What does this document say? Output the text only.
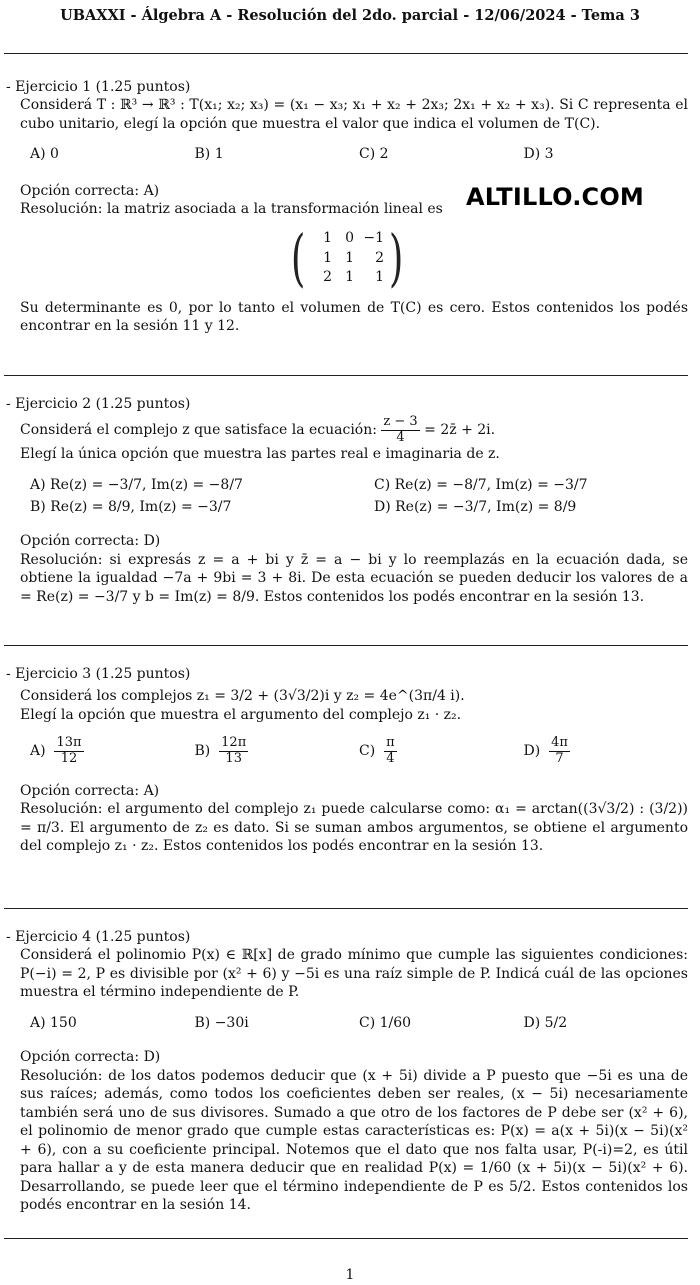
UBAXXI - Álgebra A - Resolución del 2do. parcial - 12/06/2024 - Tema 3
ALTILLO.COM

- Ejercicio 1 (1.25 puntos)

Considerá T : ℝ³ → ℝ³ : T(x₁; x₂; x₃) = (x₁ − x₃; x₁ + x₂ + 2x₃; 2x₁ + x₂ + x₃). Si C representa el cubo unitario, elegí la opción que muestra el valor que indica el volumen de T(C).

A) 0	B) 1	C) 2	D) 3

Opción correcta: A)

Resolución: la matriz asociada a la transformación lineal es

(	1 0 −1
1 1	2
2 1	1 )

Su determinante es 0, por lo tanto el volumen de T(C) es cero. Estos contenidos los podés encontrar en la sesión 11 y 12.

- Ejercicio 2 (1.25 puntos)

Considerá el complejo z que satisface la ecuación: $\frac{z - 3}{4}$ = 2z̄ + 2i.

Elegí la única opción que muestra las partes real e imaginaria de z.

A) Re(z) = −3/7, Im(z) = −8/7	C) Re(z) = −8/7, Im(z) = −3/7
B) Re(z) = 8/9, Im(z) = −3/7	D) Re(z) = −3/7, Im(z) = 8/9

Opción correcta: D)

Resolución: si expresás z = a + bi y z̄ = a − bi y lo reemplazás en la ecuación dada, se obtiene la igualdad −7a + 9bi = 3 + 8i. De esta ecuación se pueden deducir los valores de a = Re(z) = −3/7 y b = Im(z) = 8/9. Estos contenidos los podés encontrar en la sesión 13.

- Ejercicio 3 (1.25 puntos)

Considerá los complejos z₁ = 3/2 + (3√3/2)i y z₂ = 4e^(3π/4 i).

Elegí la opción que muestra el argumento del complejo z₁ · z₂.

$A) \frac{13\pi}{12}$	$B) \frac{12\pi}{13}$	$C) \frac{\pi}{4}$	$D) \frac{4\pi}{7}$

Opción correcta: A)

Resolución: el argumento del complejo z₁ puede calcularse como: α₁ = arctan((3√3/2) : (3/2)) = π/3. El argumento de z₂ es dato. Si se suman ambos argumentos, se obtiene el argumento del complejo z₁ · z₂. Estos contenidos los podés encontrar en la sesión 13.

- Ejercicio 4 (1.25 puntos)

Considerá el polinomio P(x) ∈ ℝ[x] de grado mínimo que cumple las siguientes condiciones: P(−i) = 2, P es divisible por (x² + 6) y −5i es una raíz simple de P. Indicá cuál de las opciones muestra el término independiente de P.

A) 150	B) −30i	C) 1/60	D) 5/2

Opción correcta: D)

Resolución: de los datos podemos deducir que (x + 5i) divide a P puesto que −5i es una de sus raíces; además, como todos los coeficientes deben ser reales, (x − 5i) necesariamente también será uno de sus divisores. Sumado a que otro de los factores de P debe ser (x² + 6), el polinomio de menor grado que cumple estas características es: P(x) = a(x + 5i)(x − 5i)(x² + 6), con a su coeficiente principal. Notemos que el dato que nos falta usar, P(-i)=2, es útil para hallar a y de esta manera deducir que en realidad P(x) = 1/60 (x + 5i)(x − 5i)(x² + 6). Desarrollando, se puede leer que el término independiente de P es 5/2. Estos contenidos los podés encontrar en la sesión 14.

1
